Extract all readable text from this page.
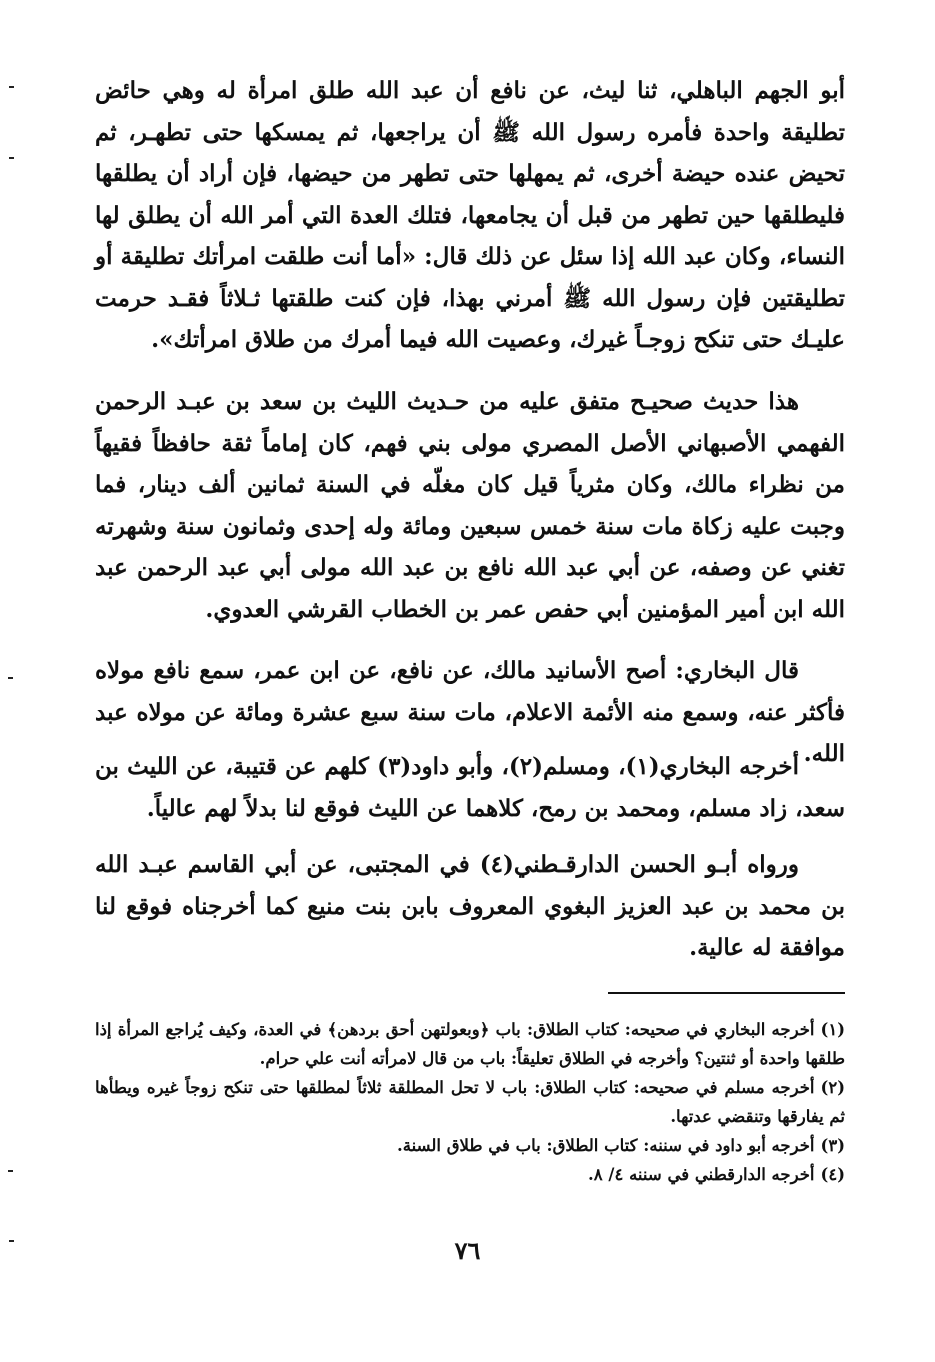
أبو الجهم الباهلي، ثنا ليث، عن نافع أن عبد الله طلق امرأة له وهي حائض تطليقة واحدة فأمره رسول الله ﷺ أن يراجعها، ثم يمسكها حتى تطهـر، ثم تحيض عنده حيضة أخرى، ثم يمهلها حتى تطهر من حيضها، فإن أراد أن يطلقها فليطلقها حين تطهر من قبل أن يجامعها، فتلك العدة التي أمر الله أن يطلق لها النساء، وكان عبد الله إذا سئل عن ذلك قال: «أما أنت طلقت امرأتك تطليقة أو تطليقتين فإن رسول الله ﷺ أمرني بهذا، فإن كنت طلقتها ثـلاثاً فقـد حرمت عليـك حتى تنكح زوجـاً غيرك، وعصيت الله فيما أمرك من طلاق امرأتك».

هذا حديث صحيـح متفق عليه من حـديث الليث بن سعد بن عبـد الرحمن الفهمي الأصبهاني الأصل المصري مولى بني فهم، كان إماماً ثقة حافظاً فقيهاً من نظراء مالك، وكان مثرياً قيل كان مغلّه في السنة ثمانين ألف دينار، فما وجبت عليه زكاة مات سنة خمس سبعين ومائة وله إحدى وثمانون سنة وشهرته تغني عن وصفه، عن أبي عبد الله نافع بن عبد الله مولى أبي عبد الرحمن عبد الله ابن أمير المؤمنين أبي حفص عمر بن الخطاب القرشي العدوي.

قال البخاري: أصح الأسانيد مالك، عن نافع، عن ابن عمر، سمع نافع مولاه فأكثر عنه، وسمع منه الأئمة الاعلام، مات سنة سبع عشرة ومائة عن مولاه عبد الله.

أخرجه البخاري(١)، ومسلم(٢)، وأبو داود(٣) كلهم عن قتيبة، عن الليث بن سعد، زاد مسلم، ومحمد بن رمح، كلاهما عن الليث فوقع لنا بدلاً لهم عالياً.

ورواه أبـو الحسن الدارقـطني(٤) في المجتبى، عن أبي القاسم عبـد الله بن محمد بن عبد العزيز البغوي المعروف بابن بنت منيع كما أخرجناه فوقع لنا موافقة له عالية.

(١)أخرجه البخاري في صحيحه: كتاب الطلاق: باب ﴿وبعولتهن أحق بردهن﴾ في العدة، وكيف يُراجع المرأة إذا طلقها واحدة أو ثنتين؟ وأخرجه في الطلاق تعليقاً: باب من قال لامرأته أنت علي حرام.
(٢)أخرجه مسلم في صحيحه: كتاب الطلاق: باب لا تحل المطلقة ثلاثاً لمطلقها حتى تنكح زوجاً غيره ويطأها ثم يفارقها وتنقضي عدتها.
(٣)أخرجه أبو داود في سننه: كتاب الطلاق: باب في طلاق السنة.
(٤)أخرجه الدارقطني في سننه ٤/ ٨.
٧٦
